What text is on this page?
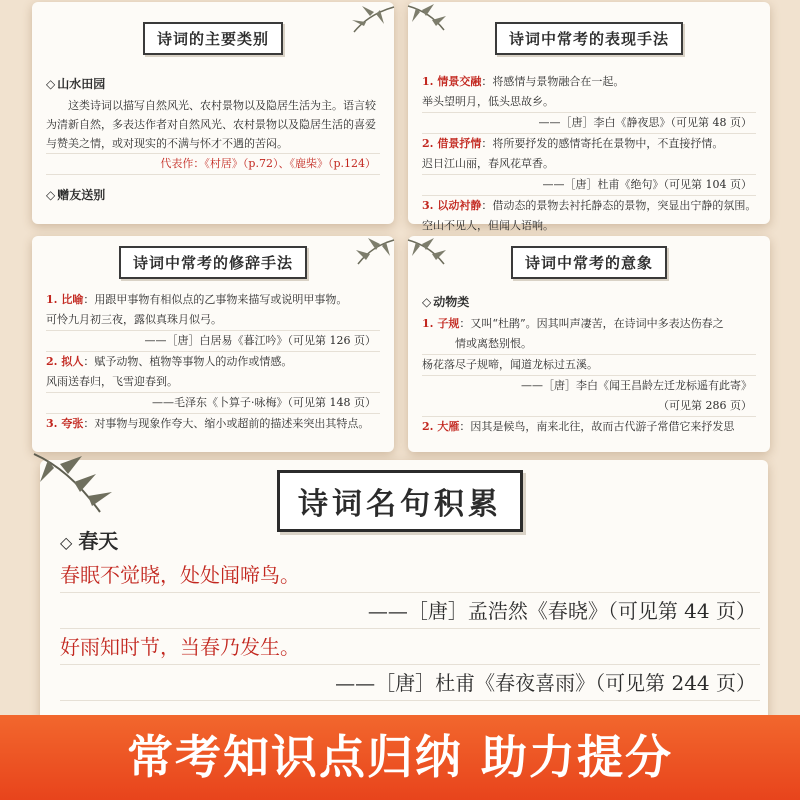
诗词的主要类别
◇ 山水田园
这类诗词以描写自然风光、农村景物以及隐居生活为主。语言较为清新自然，多表达作者对自然风光、农村景物以及隐居生活的喜爱与赞美之情，或对现实的不满与怀才不遇的苦闷。
代表作：《村居》（p.72）、《鹿柴》（p.124）
◇ 赠友送别
诗词中常考的表现手法
1. 情景交融：将感情与景物融合在一起。
举头望明月，低头思故乡。
——［唐］李白《静夜思》（可见第 48 页）
2. 借景抒情：将所要抒发的感情寄托在景物中，不直接抒情。
迟日江山丽，春风花草香。
——［唐］杜甫《绝句》（可见第 104 页）
3. 以动衬静：借动态的景物去衬托静态的景物，突显出宁静的氛围。
空山不见人，但闻人语响。
诗词中常考的修辞手法
1. 比喻：用跟甲事物有相似点的乙事物来描写或说明甲事物。
可怜九月初三夜，露似真珠月似弓。
——［唐］白居易《暮江吟》（可见第 126 页）
2. 拟人：赋予动物、植物等事物人的动作或情感。
风雨送春归，飞雪迎春到。
——毛泽东《卜算子·咏梅》（可见第 148 页）
3. 夸张：对事物与现象作夸大、缩小或超前的描述来突出其特点。
诗词中常考的意象
◇ 动物类
1. 子规：又叫“杜鹃”。因其叫声凄苦，在诗词中多表达伤春之
情或离愁别恨。
杨花落尽子规啼，闻道龙标过五溪。
——［唐］李白《闻王昌龄左迁龙标遥有此寄》
（可见第 286 页）
2. 大雁：因其是候鸟，南来北往，故而古代游子常借它来抒发思
诗词名句积累
◇ 春天
春眠不觉晓，处处闻啼鸟。
——［唐］孟浩然《春晓》（可见第 44 页）
好雨知时节，当春乃发生。
——［唐］杜甫《春夜喜雨》（可见第 244 页）
常考知识点归纳 助力提分
